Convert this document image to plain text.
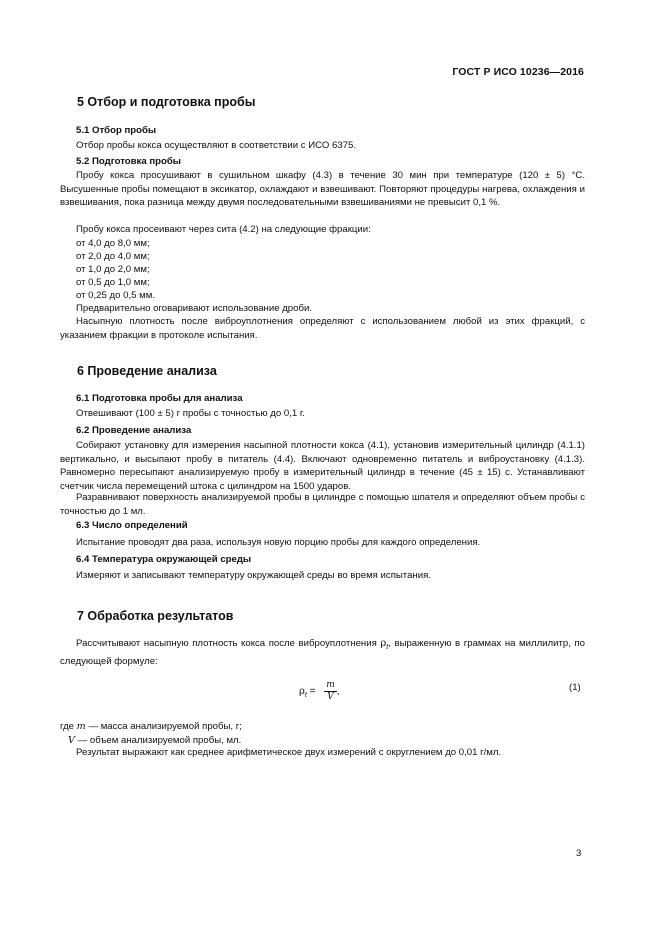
ГОСТ Р ИСО 10236—2016
5 Отбор и подготовка пробы
5.1 Отбор пробы
Отбор пробы кокса осуществляют в соответствии с ИСО 6375.
5.2 Подготовка пробы
Пробу кокса просушивают в сушильном шкафу (4.3) в течение 30 мин при температуре (120 ± 5) °С. Высушенные пробы помещают в эксикатор, охлаждают и взвешивают. Повторяют процедуры нагрева, охлаждения и взвешивания, пока разница между двумя последовательными взвешиваниями не превысит 0,1 %.
Пробу кокса просеивают через сита (4.2) на следующие фракции:
от 4,0 до 8,0 мм;
от 2,0 до 4,0 мм;
от 1,0 до 2,0 мм;
от 0,5 до 1,0 мм;
от 0,25 до 0,5 мм.
Предварительно оговаривают использование дроби.
Насыпную плотность после виброуплотнения определяют с использованием любой из этих фракций, с указанием фракции в протоколе испытания.
6 Проведение анализа
6.1 Подготовка пробы для анализа
Отвешивают (100 ± 5) г пробы с точностью до 0,1 г.
6.2 Проведение анализа
Собирают установку для измерения насыпной плотности кокса (4.1), установив измерительный цилиндр (4.1.1) вертикально, и высыпают пробу в питатель (4.4). Включают одновременно питатель и виброустановку (4.1.3). Равномерно пересыпают анализируемую пробу в измерительный цилиндр в течение (45 ± 15) с. Устанавливают счетчик числа перемещений штока с цилиндром на 1500 ударов.
Разравнивают поверхность анализируемой пробы в цилиндре с помощью шпателя и определяют объем пробы с точностью до 1 мл.
6.3 Число определений
Испытание проводят два раза, используя новую порцию пробы для каждого определения.
6.4 Температура окружающей среды
Измеряют и записывают температуру окружающей среды во время испытания.
7 Обработка результатов
Рассчитывают насыпную плотность кокса после виброуплотнения $\rho_t$, выраженную в граммах на миллилитр, по следующей формуле:
$\rho_t = \frac{m}{V}$ ,	(1)
где m — масса анализируемой пробы, г;
V — объем анализируемой пробы, мл.
Результат выражают как среднее арифметическое двух измерений с округлением до 0,01 г/мл.
3
